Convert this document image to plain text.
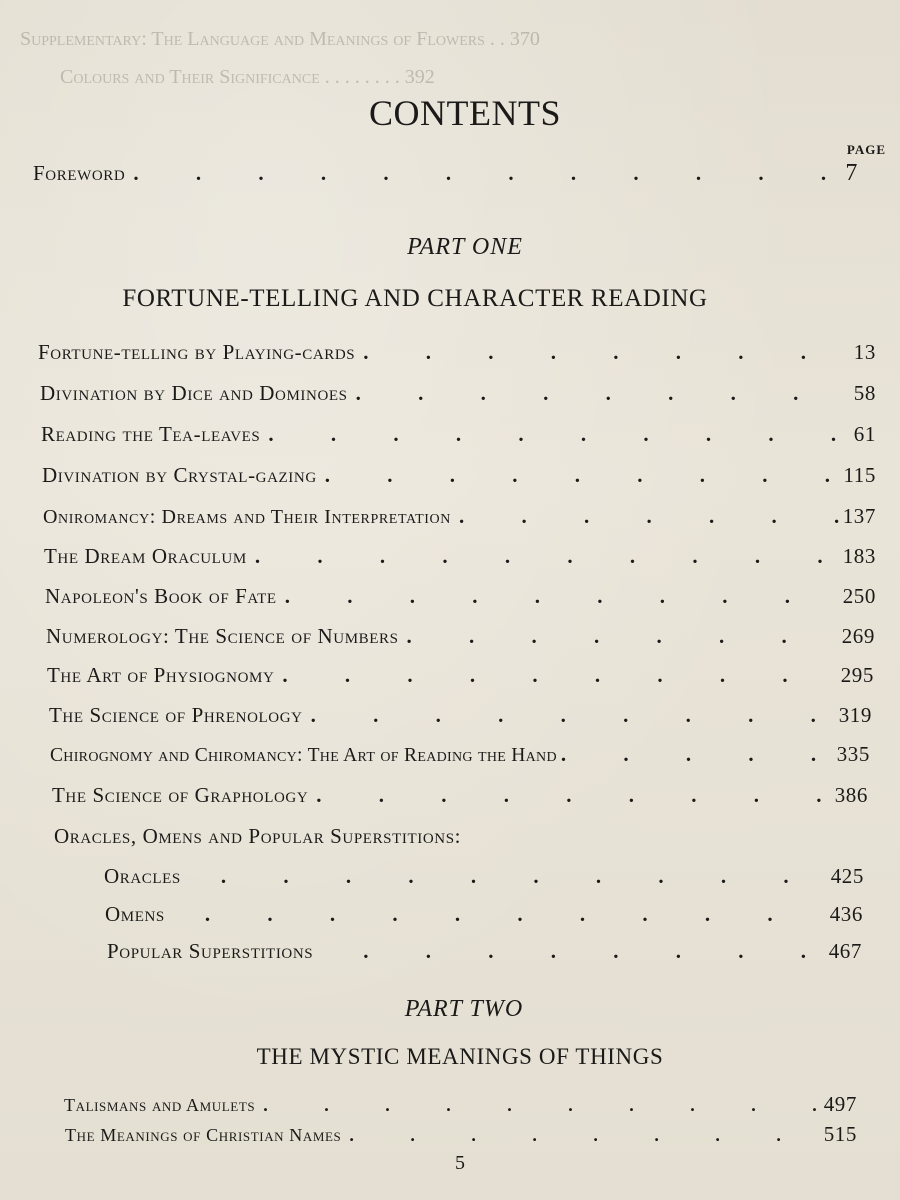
Supplementary: The Language and Meanings of Flowers . . 370
Colours and Their Significance . . . . . . . . 392
CONTENTS
PAGE
Foreword . . .	7
PART ONE
FORTUNE-TELLING AND CHARACTER READING
Fortune-telling by Playing-cards . . .	13
Divination by Dice and Dominoes . . .	58
Reading the Tea-leaves . . .	61
Divination by Crystal-gazing . . .	115
Oniromancy: Dreams and Their Interpretation . . .	137
The Dream Oraculum . . .	183
Napoleon's Book of Fate . . .	250
Numerology: The Science of Numbers . . .	269
The Art of Physiognomy . . .	295
The Science of Phrenology . . .	319
Chirognomy and Chiromancy: The Art of Reading the Hand . . .	335
The Science of Graphology . . .	386
Oracles, Omens and Popular Superstitions:
Oracles . . .	425
Omens . . .	436
Popular Superstitions . . .	467
PART TWO
THE MYSTIC MEANINGS OF THINGS
Talismans and Amulets . . .	497
The Meanings of Christian Names . . .	515
5
